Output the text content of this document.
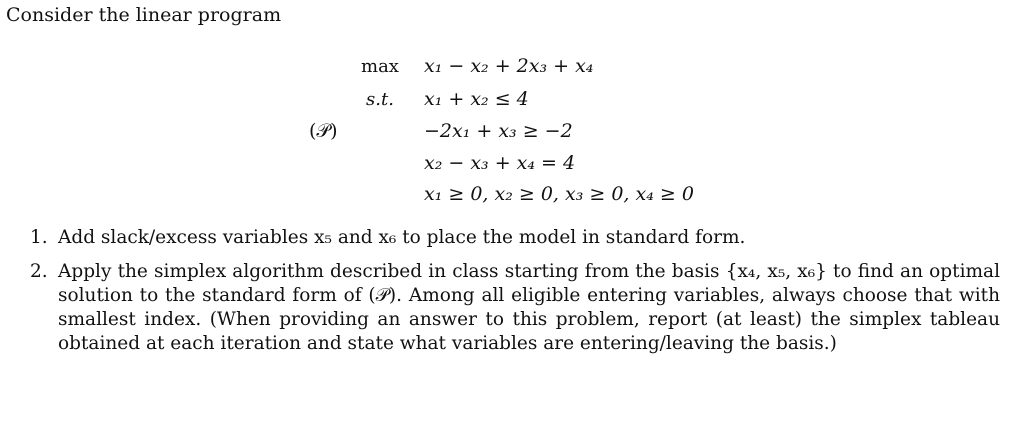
Consider the linear program
max x₁ − x₂ + 2x₃ + x₄
s.t. x₁ + x₂ ≤ 4
(𝒫)	−2x₁ + x₃ ≥ −2
x₂ − x₃ + x₄ = 4
x₁ ≥ 0, x₂ ≥ 0, x₃ ≥ 0, x₄ ≥ 0
1. Add slack/excess variables x₅ and x₆ to place the model in standard form.
2. Apply the simplex algorithm described in class starting from the basis {x₄, x₅, x₆} to find an optimal solution to the standard form of (𝒫). Among all eligible entering variables, always choose that with smallest index. (When providing an answer to this problem, report (at least) the simplex tableau obtained at each iteration and state what variables are entering/leaving the basis.)
